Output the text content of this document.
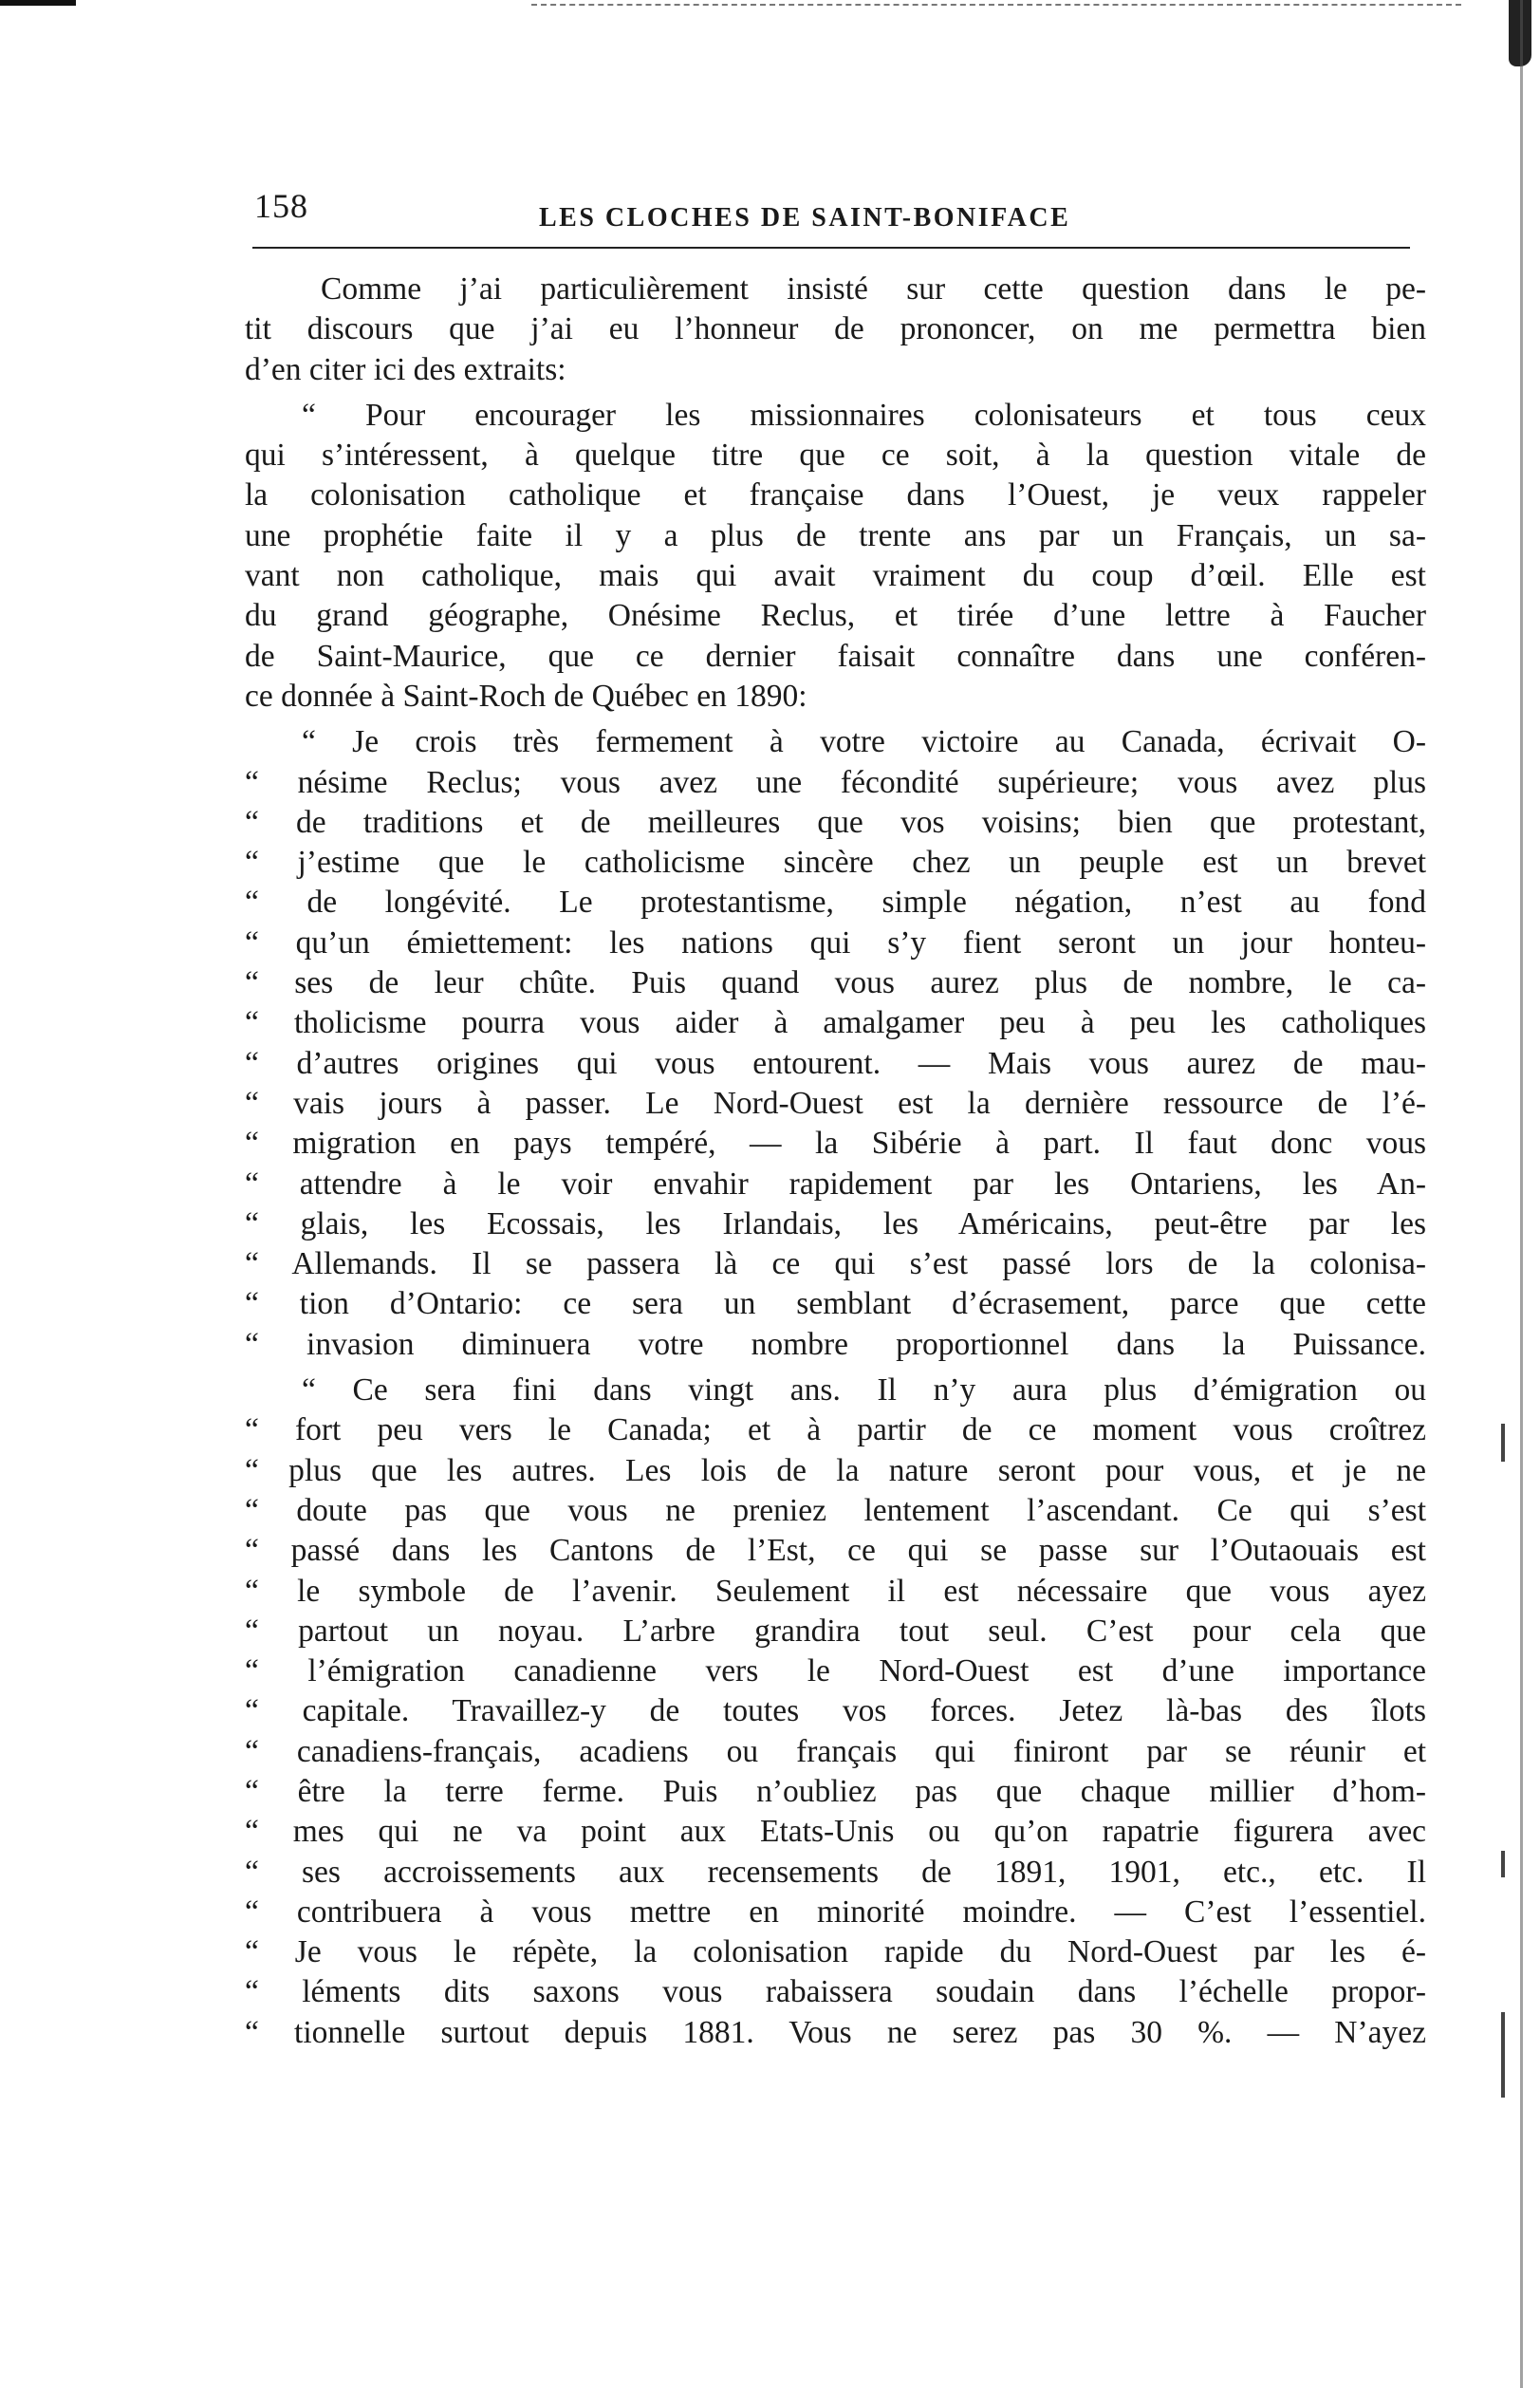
158	LES CLOCHES DE SAINT-BONIFACE
Comme j’ai particulièrement insisté sur cette question dans le pe-
tit discours que j’ai eu l’honneur de prononcer, on me permettra bien
d’en citer ici des extraits:
“ Pour encourager les missionnaires colonisateurs et tous ceux
qui s’intéressent, à quelque titre que ce soit, à la question vitale de
la colonisation catholique et française dans l’Ouest, je veux rappeler
une prophétie faite il y a plus de trente ans par un Français, un sa-
vant non catholique, mais qui avait vraiment du coup d’œil. Elle est
du grand géographe, Onésime Reclus, et tirée d’une lettre à Faucher
de Saint-Maurice, que ce dernier faisait connaître dans une conféren-
ce donnée à Saint-Roch de Québec en 1890:
“ Je crois très fermement à votre victoire au Canada, écrivait O-
“ nésime Reclus; vous avez une fécondité supérieure; vous avez plus
“ de traditions et de meilleures que vos voisins; bien que protestant,
“ j’estime que le catholicisme sincère chez un peuple est un brevet
“ de longévité. Le protestantisme, simple négation, n’est au fond
“ qu’un émiettement: les nations qui s’y fient seront un jour honteu-
“ ses de leur chûte. Puis quand vous aurez plus de nombre, le ca-
“ tholicisme pourra vous aider à amalgamer peu à peu les catholiques
“ d’autres origines qui vous entourent. — Mais vous aurez de mau-
“ vais jours à passer. Le Nord-Ouest est la dernière ressource de l’é-
“ migration en pays tempéré, — la Sibérie à part. Il faut donc vous
“ attendre à le voir envahir rapidement par les Ontariens, les An-
“ glais, les Ecossais, les Irlandais, les Américains, peut-être par les
“ Allemands. Il se passera là ce qui s’est passé lors de la colonisa-
“ tion d’Ontario: ce sera un semblant d’écrasement, parce que cette
“ invasion diminuera votre nombre proportionnel dans la Puissance.
“ Ce sera fini dans vingt ans. Il n’y aura plus d’émigration ou
“ fort peu vers le Canada; et à partir de ce moment vous croîtrez
“ plus que les autres. Les lois de la nature seront pour vous, et je ne
“ doute pas que vous ne preniez lentement l’ascendant. Ce qui s’est
“ passé dans les Cantons de l’Est, ce qui se passe sur l’Outaouais est
“ le symbole de l’avenir. Seulement il est nécessaire que vous ayez
“ partout un noyau. L’arbre grandira tout seul. C’est pour cela que
“ l’émigration canadienne vers le Nord-Ouest est d’une importance
“ capitale. Travaillez-y de toutes vos forces. Jetez là-bas des îlots
“ canadiens-français, acadiens ou français qui finiront par se réunir et
“ être la terre ferme. Puis n’oubliez pas que chaque millier d’hom-
“ mes qui ne va point aux Etats-Unis ou qu’on rapatrie figurera avec
“ ses accroissements aux recensements de 1891, 1901, etc., etc. Il
“ contribuera à vous mettre en minorité moindre. — C’est l’essentiel.
“ Je vous le répète, la colonisation rapide du Nord-Ouest par les é-
“ léments dits saxons vous rabaissera soudain dans l’échelle propor-
“ tionnelle surtout depuis 1881. Vous ne serez pas 30 %. — N’ayez
